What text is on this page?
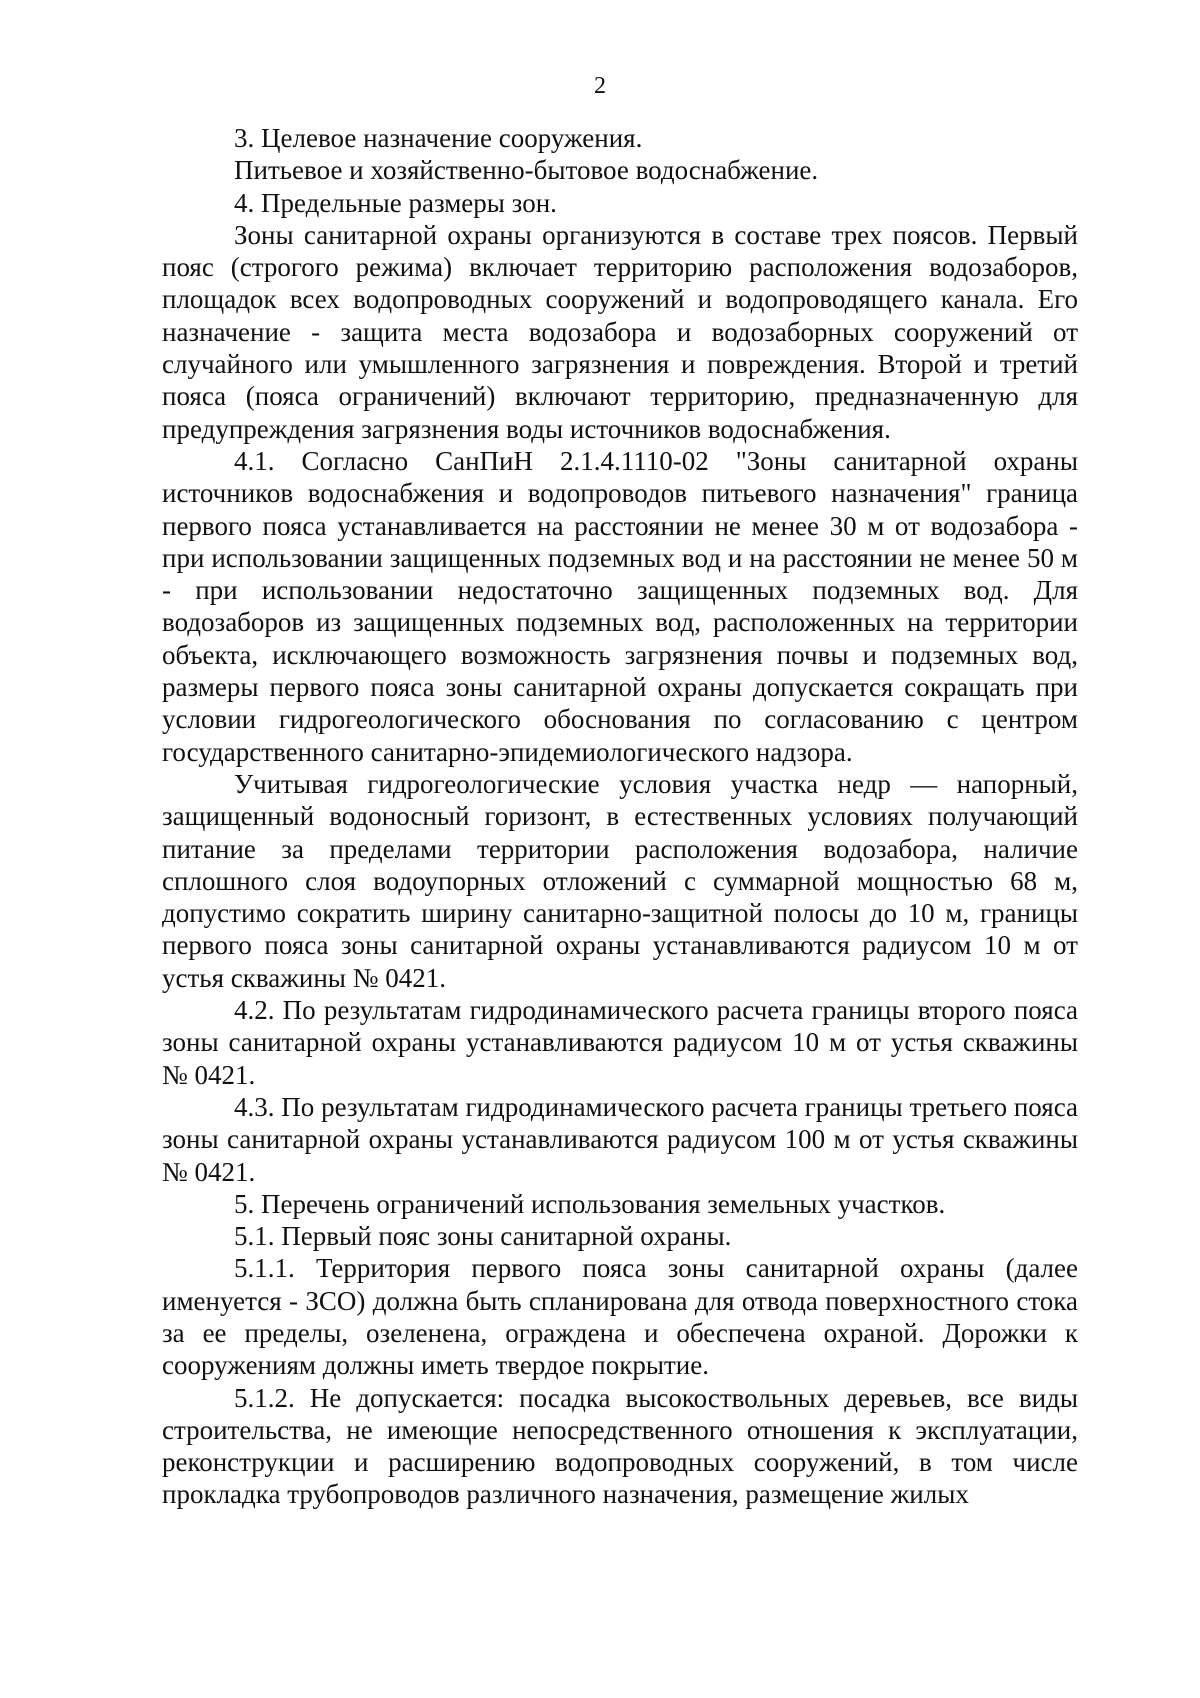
2

3. Целевое назначение сооружения.

Питьевое и хозяйственно-бытовое водоснабжение.

4. Предельные размеры зон.

Зоны санитарной охраны организуются в составе трех поясов. Первый пояс (строгого режима) включает территорию расположения водозаборов, площадок всех водопроводных сооружений и водопроводящего канала. Его назначение - защита места водозабора и водозаборных сооружений от случайного или умышленного загрязнения и повреждения. Второй и третий пояса (пояса ограничений) включают территорию, предназначенную для предупреждения загрязнения воды источников водоснабжения.

4.1. Согласно СанПиН 2.1.4.1110-02 "Зоны санитарной охраны источников водоснабжения и водопроводов питьевого назначения" граница первого пояса устанавливается на расстоянии не менее 30 м от водозабора - при использовании защищенных подземных вод и на расстоянии не менее 50 м - при использовании недостаточно защищенных подземных вод. Для водозаборов из защищенных подземных вод, расположенных на территории объекта, исключающего возможность загрязнения почвы и подземных вод, размеры первого пояса зоны санитарной охраны допускается сокращать при условии гидрогеологического обоснования по согласованию с центром государственного санитарно-эпидемиологического надзора.

Учитывая гидрогеологические условия участка недр — напорный, защищенный водоносный горизонт, в естественных условиях получающий питание за пределами территории расположения водозабора, наличие сплошного слоя водоупорных отложений с суммарной мощностью 68 м, допустимо сократить ширину санитарно-защитной полосы до 10 м, границы первого пояса зоны санитарной охраны устанавливаются радиусом 10 м от устья скважины № 0421.

4.2. По результатам гидродинамического расчета границы второго пояса зоны санитарной охраны устанавливаются радиусом 10 м от устья скважины № 0421.

4.3. По результатам гидродинамического расчета границы третьего пояса зоны санитарной охраны устанавливаются радиусом 100 м от устья скважины № 0421.

5. Перечень ограничений использования земельных участков.

5.1. Первый пояс зоны санитарной охраны.

5.1.1. Территория первого пояса зоны санитарной охраны (далее именуется - ЗСО) должна быть спланирована для отвода поверхностного стока за ее пределы, озеленена, ограждена и обеспечена охраной. Дорожки к сооружениям должны иметь твердое покрытие.

5.1.2. Не допускается: посадка высокоствольных деревьев, все виды строительства, не имеющие непосредственного отношения к эксплуатации, реконструкции и расширению водопроводных сооружений, в том числе прокладка трубопроводов различного назначения, размещение жилых
